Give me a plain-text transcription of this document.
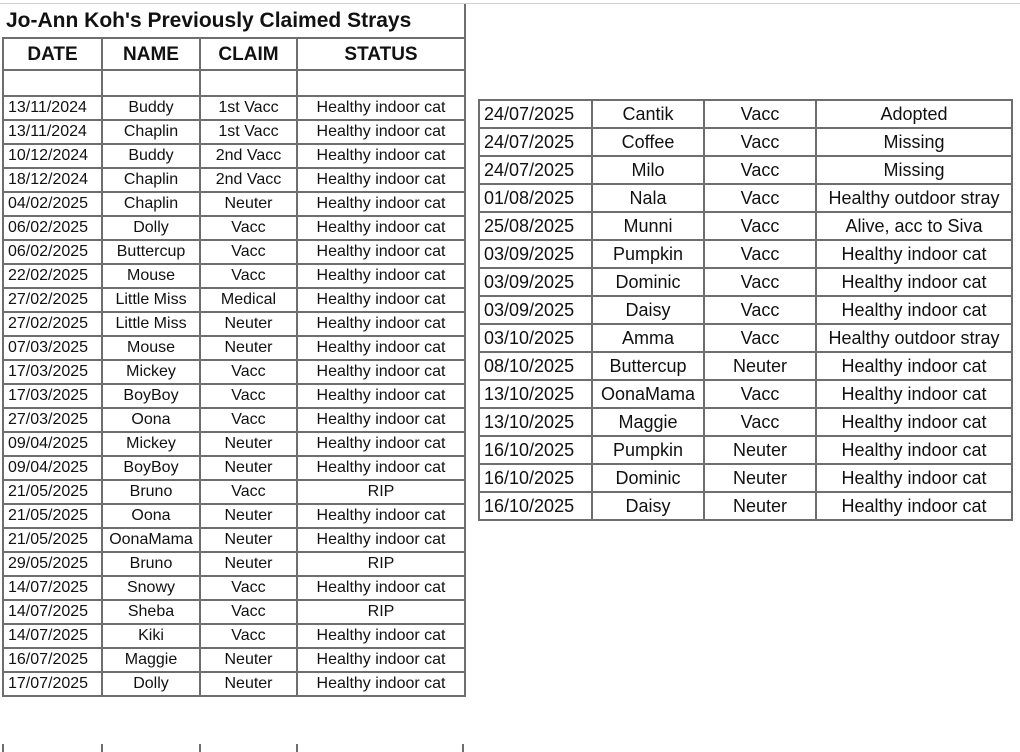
Jo-Ann Koh's Previously Claimed Strays			
DATE	NAME	CLAIM	STATUS

13/11/2024	Buddy	1st Vacc	Healthy indoor cat
13/11/2024	Chaplin	1st Vacc	Healthy indoor cat
10/12/2024	Buddy	2nd Vacc	Healthy indoor cat
18/12/2024	Chaplin	2nd Vacc	Healthy indoor cat
04/02/2025	Chaplin	Neuter	Healthy indoor cat
06/02/2025	Dolly	Vacc	Healthy indoor cat
06/02/2025	Buttercup	Vacc	Healthy indoor cat
22/02/2025	Mouse	Vacc	Healthy indoor cat
27/02/2025	Little Miss	Medical	Healthy indoor cat
27/02/2025	Little Miss	Neuter	Healthy indoor cat
07/03/2025	Mouse	Neuter	Healthy indoor cat
17/03/2025	Mickey	Vacc	Healthy indoor cat
17/03/2025	BoyBoy	Vacc	Healthy indoor cat
27/03/2025	Oona	Vacc	Healthy indoor cat
09/04/2025	Mickey	Neuter	Healthy indoor cat
09/04/2025	BoyBoy	Neuter	Healthy indoor cat
21/05/2025	Bruno	Vacc	RIP
21/05/2025	Oona	Neuter	Healthy indoor cat
21/05/2025	OonaMama	Neuter	Healthy indoor cat
29/05/2025	Bruno	Neuter	RIP
14/07/2025	Snowy	Vacc	Healthy indoor cat
14/07/2025	Sheba	Vacc	RIP
14/07/2025	Kiki	Vacc	Healthy indoor cat
16/07/2025	Maggie	Neuter	Healthy indoor cat
17/07/2025	Dolly	Neuter	Healthy indoor cat
24/07/2025	Cantik	Vacc	Adopted
24/07/2025	Coffee	Vacc	Missing
24/07/2025	Milo	Vacc	Missing
01/08/2025	Nala	Vacc	Healthy outdoor stray
25/08/2025	Munni	Vacc	Alive, acc to Siva
03/09/2025	Pumpkin	Vacc	Healthy indoor cat
03/09/2025	Dominic	Vacc	Healthy indoor cat
03/09/2025	Daisy	Vacc	Healthy indoor cat
03/10/2025	Amma	Vacc	Healthy outdoor stray
08/10/2025	Buttercup	Neuter	Healthy indoor cat
13/10/2025	OonaMama	Vacc	Healthy indoor cat
13/10/2025	Maggie	Vacc	Healthy indoor cat
16/10/2025	Pumpkin	Neuter	Healthy indoor cat
16/10/2025	Dominic	Neuter	Healthy indoor cat
16/10/2025	Daisy	Neuter	Healthy indoor cat
